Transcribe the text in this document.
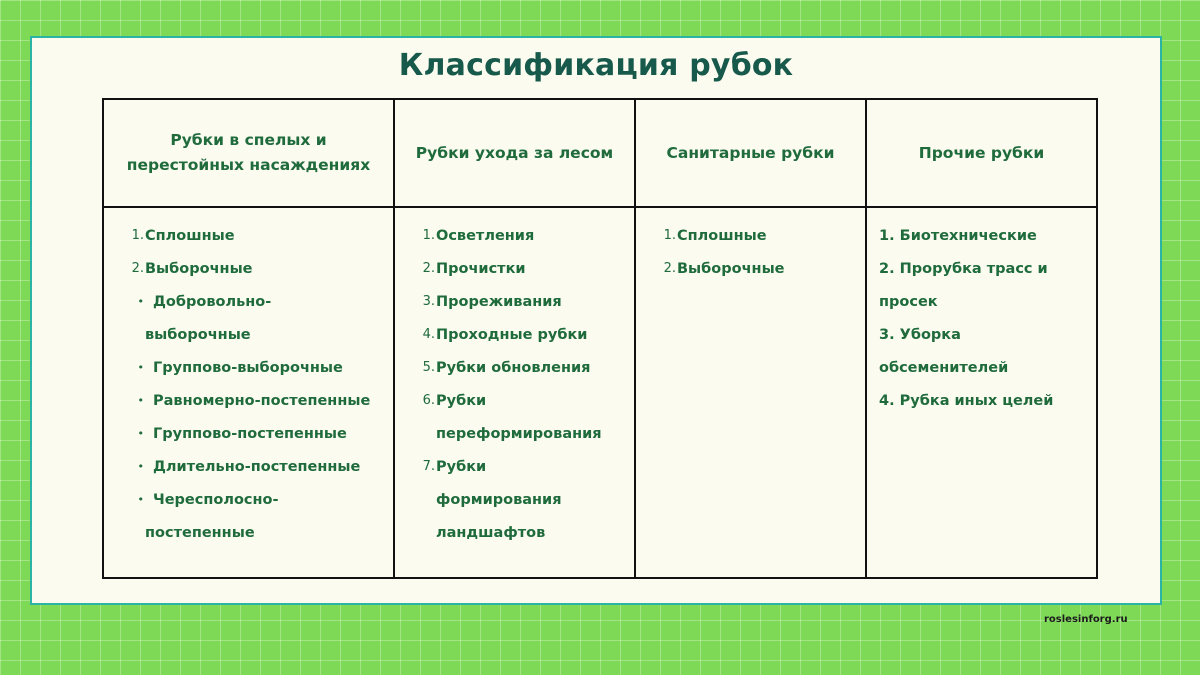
Классификация рубок
Рубки в спелых и перестойных насаждениях
Рубки ухода за лесом	Санитарные рубки	Прочие рубки
1. Сплошные
2. Выборочные
• Добровольно-
выборочные
• Группово-выборочные
• Равномерно-постепенные
• Группово-постепенные
• Длительно-постепенные
• Чересполосно-
постепенные
1. Осветления
2. Прочистки
3. Прореживания
4. Проходные рубки
5. Рубки обновления
6. Рубки
переформирования
7. Рубки
формирования
ландшафтов
1. Сплошные
2. Выборочные
1. Биотехнические
2. Прорубка трасс и
просек
3. Уборка
обсеменителей
4. Рубка иных целей
roslesinforg.ru
